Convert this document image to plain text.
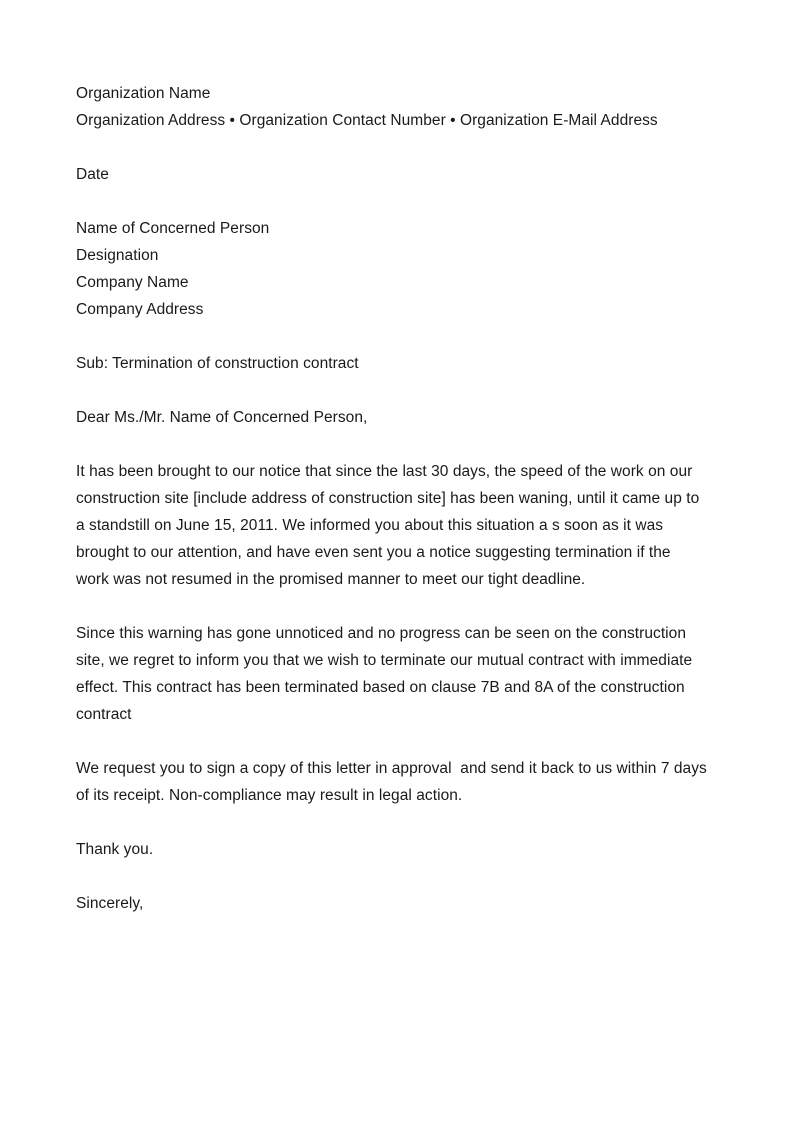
Organization Name
Organization Address • Organization Contact Number • Organization E-Mail Address
Date
Name of Concerned Person
Designation
Company Name
Company Address
Sub: Termination of construction contract
Dear Ms./Mr. Name of Concerned Person,
It has been brought to our notice that since the last 30 days, the speed of the work on our
construction site [include address of construction site] has been waning, until it came up to
a standstill on June 15, 2011. We informed you about this situation a s soon as it was
brought to our attention, and have even sent you a notice suggesting termination if the
work was not resumed in the promised manner to meet our tight deadline.
Since this warning has gone unnoticed and no progress can be seen on the construction
site, we regret to inform you that we wish to terminate our mutual contract with immediate
effect. This contract has been terminated based on clause 7B and 8A of the construction
contract
We request you to sign a copy of this letter in approval  and send it back to us within 7 days
of its receipt. Non-compliance may result in legal action.
Thank you.
Sincerely,
